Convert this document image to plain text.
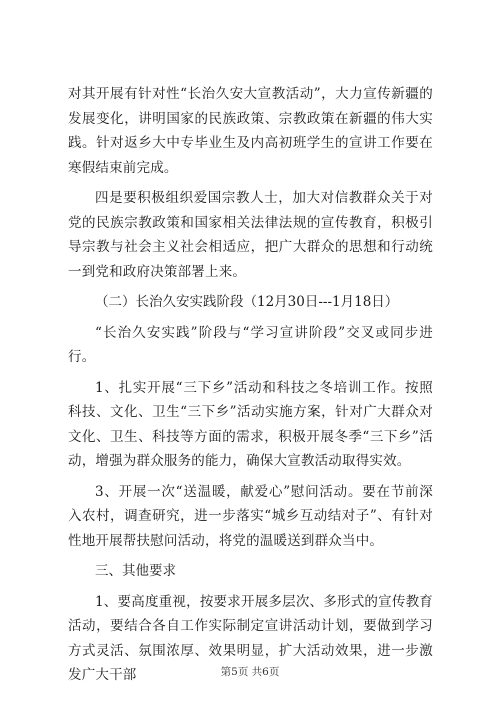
对其开展有针对性“长治久安大宣教活动”，大力宣传新疆的发展变化，讲明国家的民族政策、宗教政策在新疆的伟大实践。针对返乡大中专毕业生及内高初班学生的宣讲工作要在寒假结束前完成。

四是要积极组织爱国宗教人士，加大对信教群众关于对党的民族宗教政策和国家相关法律法规的宣传教育，积极引导宗教与社会主义社会相适应，把广大群众的思想和行动统一到党和政府决策部署上来。

（二）长治久安实践阶段（12月30日---1月18日）

“长治久安实践”阶段与“学习宣讲阶段”交叉或同步进行。

1、扎实开展“三下乡”活动和科技之冬培训工作。按照科技、文化、卫生“三下乡”活动实施方案，针对广大群众对文化、卫生、科技等方面的需求，积极开展冬季“三下乡”活动，增强为群众服务的能力，确保大宣教活动取得实效。

3、开展一次“送温暖，献爱心”慰问活动。要在节前深入农村，调查研究，进一步落实“城乡互动结对子”、有针对性地开展帮扶慰问活动，将党的温暖送到群众当中。

三、其他要求

1、要高度重视，按要求开展多层次、多形式的宣传教育活动，要结合各自工作实际制定宣讲活动计划，要做到学习方式灵活、氛围浓厚、效果明显，扩大活动效果，进一步激发广大干部	第5页 共6页
